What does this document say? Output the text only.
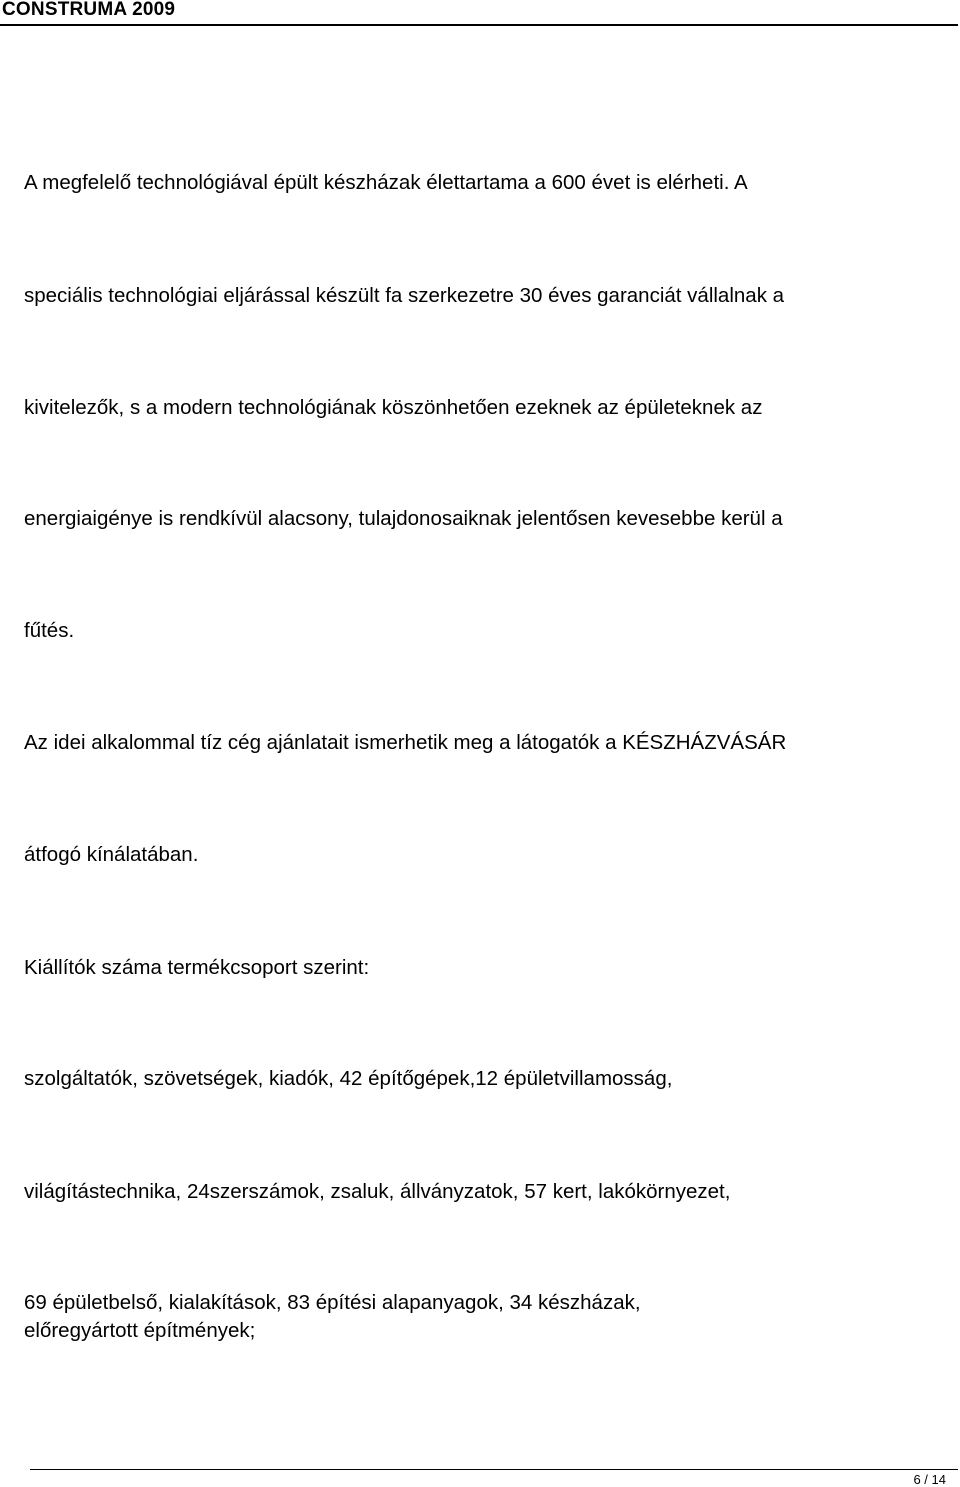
CONSTRUMA 2009
A megfelelő technológiával épült készházak élettartama a 600 évet is elérheti. A
speciális technológiai eljárással készült fa szerkezetre 30 éves garanciát vállalnak a
kivitelezők, s a modern technológiának köszönhetően ezeknek az épületeknek az
energiaigénye is rendkívül alacsony, tulajdonosaiknak jelentősen kevesebbe kerül a
fűtés.
Az idei alkalommal tíz cég ajánlatait ismerhetik meg a látogatók a KÉSZHÁZVÁSÁR
átfogó kínálatában.
Kiállítók száma termékcsoport szerint:
szolgáltatók, szövetségek, kiadók, 42 építőgépek,12 épületvillamosság,
világítástechnika, 24szerszámok, zsaluk, állványzatok, 57 kert, lakókörnyezet,
69 épületbelső, kialakítások, 83 építési alapanyagok, 34 készházak,
előregyártott építmények;
6 / 14
